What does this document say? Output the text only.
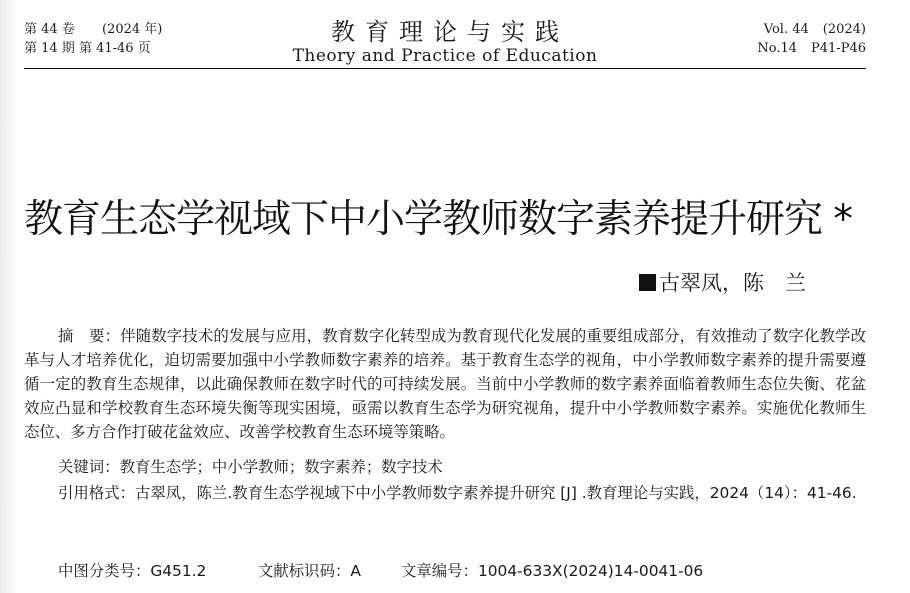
第 44 卷 (2024 年)
第 14 期 第 41-46 页
教育理论与实践
Theory and Practice of Education
Vol. 44 (2024)
No.14 P41-P46
教育生态学视域下中小学教师数字素养提升研究 *
古翠凤，陈　兰
摘　要：伴随数字技术的发展与应用，教育数字化转型成为教育现代化发展的重要组成部分，有效推动了数字化教学改革与人才培养优化，迫切需要加强中小学教师数字素养的培养。基于教育生态学的视角，中小学教师数字素养的提升需要遵循一定的教育生态规律，以此确保教师在数字时代的可持续发展。当前中小学教师的数字素养面临着教师生态位失衡、花盆效应凸显和学校教育生态环境失衡等现实困境，亟需以教育生态学为研究视角，提升中小学教师数字素养。实施优化教师生态位、多方合作打破花盆效应、改善学校教育生态环境等策略。
关键词：教育生态学；中小学教师；数字素养；数字技术
引用格式：古翠凤，陈兰.教育生态学视域下中小学教师数字素养提升研究 [J] .教育理论与实践，2024（14）：41-46.
中图分类号：G451.2	文献标识码：A	文章编号：1004-633X(2024)14-0041-06
